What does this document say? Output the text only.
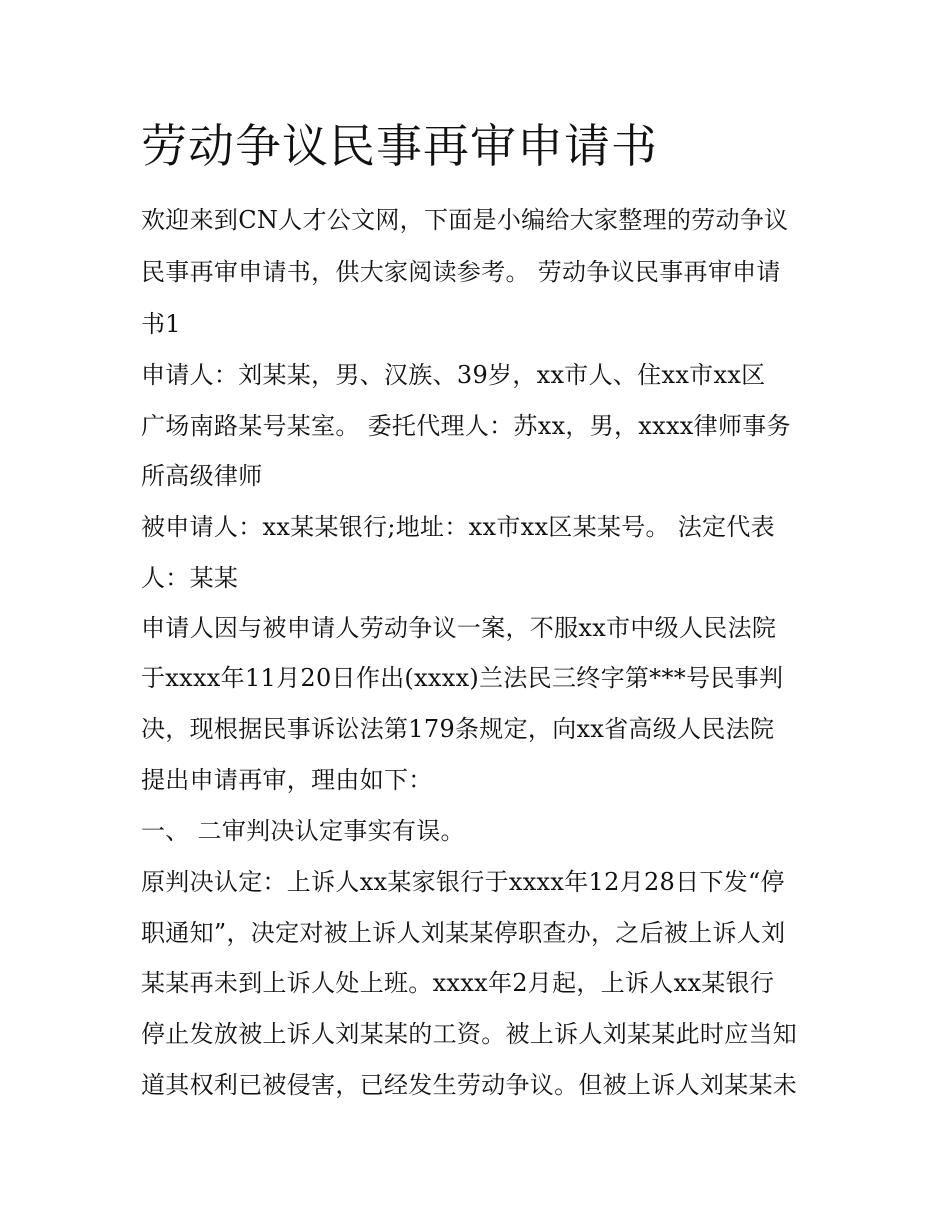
劳动争议民事再审申请书
欢迎来到CN人才公文网，下面是小编给大家整理的劳动争议
民事再审申请书，供大家阅读参考。 劳动争议民事再审申请
书1
申请人：刘某某，男、汉族、39岁，xx市人、住xx市xx区
广场南路某号某室。 委托代理人：苏xx，男，xxxx律师事务
所高级律师
被申请人：xx某某银行;地址：xx市xx区某某号。 法定代表
人：某某
申请人因与被申请人劳动争议一案，不服xx市中级人民法院
于xxxx年11月20日作出(xxxx)兰法民三终字第***号民事判
决，现根据民事诉讼法第179条规定，向xx省高级人民法院
提出申请再审，理由如下：
一、 二审判决认定事实有误。
原判决认定：上诉人xx某家银行于xxxx年12月28日下发“停
职通知”，决定对被上诉人刘某某停职查办，之后被上诉人刘
某某再未到上诉人处上班。xxxx年2月起，上诉人xx某银行
停止发放被上诉人刘某某的工资。被上诉人刘某某此时应当知
道其权利已被侵害，已经发生劳动争议。但被上诉人刘某某未
